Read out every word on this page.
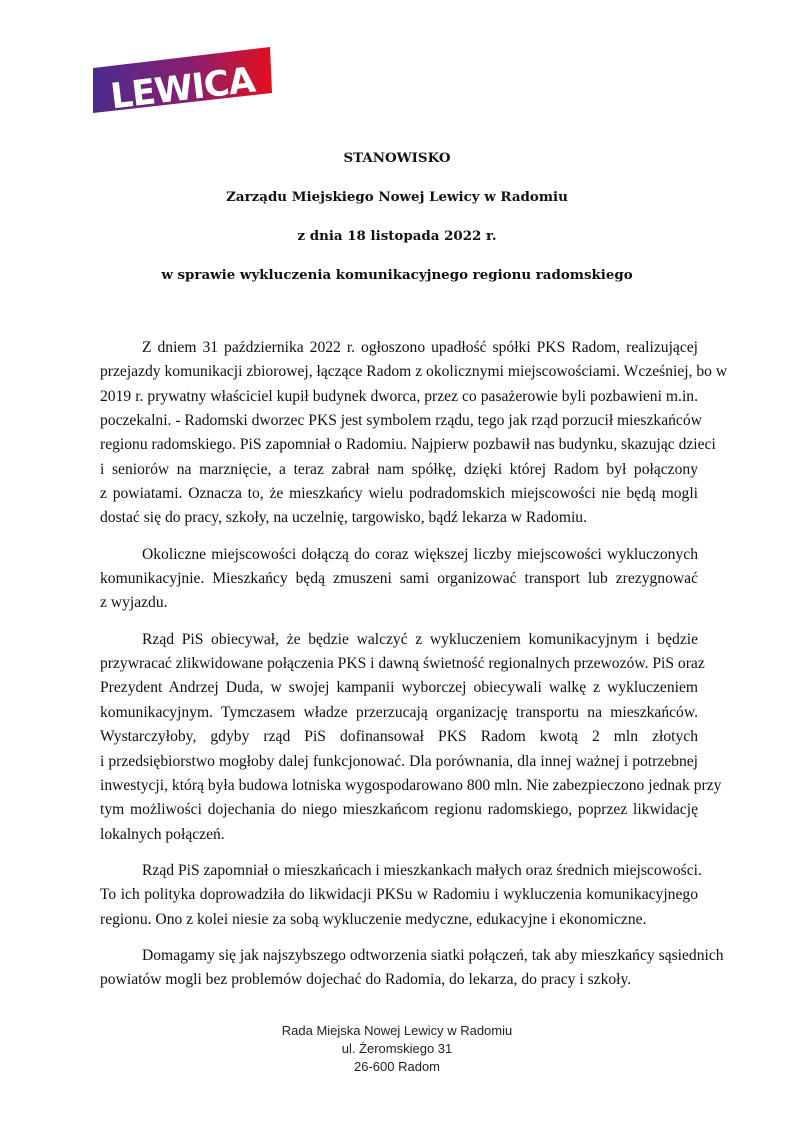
LEWICA
STANOWISKO
Zarządu Miejskiego Nowej Lewicy w Radomiu
z dnia 18 listopada 2022 r.
w sprawie wykluczenia komunikacyjnego regionu radomskiego
Z dniem 31 października 2022 r. ogłoszono upadłość spółki PKS Radom, realizującej
przejazdy komunikacji zbiorowej, łączące Radom z okolicznymi miejscowościami. Wcześniej, bo w
2019 r. prywatny właściciel kupił budynek dworca, przez co pasażerowie byli pozbawieni m.in.
poczekalni. - Radomski dworzec PKS jest symbolem rządu, tego jak rząd porzucił mieszkańców
regionu radomskiego. PiS zapomniał o Radomiu. Najpierw pozbawił nas budynku, skazując dzieci
i seniorów na marznięcie, a teraz zabrał nam spółkę, dzięki której Radom był połączony
z powiatami. Oznacza to, że mieszkańcy wielu podradomskich miejscowości nie będą mogli
dostać się do pracy, szkoły, na uczelnię, targowisko, bądź lekarza w Radomiu.
Okoliczne miejscowości dołączą do coraz większej liczby miejscowości wykluczonych
komunikacyjnie. Mieszkańcy będą zmuszeni sami organizować transport lub zrezygnować
z wyjazdu.
Rząd PiS obiecywał, że będzie walczyć z wykluczeniem komunikacyjnym i będzie
przywracać zlikwidowane połączenia PKS i dawną świetność regionalnych przewozów. PiS oraz
Prezydent Andrzej Duda, w swojej kampanii wyborczej obiecywali walkę z wykluczeniem
komunikacyjnym. Tymczasem władze przerzucają organizację transportu na mieszkańców.
Wystarczyłoby, gdyby rząd PiS dofinansował PKS Radom kwotą 2 mln złotych
i przedsiębiorstwo mogłoby dalej funkcjonować. Dla porównania, dla innej ważnej i potrzebnej
inwestycji, którą była budowa lotniska wygospodarowano 800 mln. Nie zabezpieczono jednak przy
tym możliwości dojechania do niego mieszkańcom regionu radomskiego, poprzez likwidację
lokalnych połączeń.
Rząd PiS zapomniał o mieszkańcach i mieszkankach małych oraz średnich miejscowości.
To ich polityka doprowadziła do likwidacji PKSu w Radomiu i wykluczenia komunikacyjnego
regionu. Ono z kolei niesie za sobą wykluczenie medyczne, edukacyjne i ekonomiczne.
Domagamy się jak najszybszego odtworzenia siatki połączeń, tak aby mieszkańcy sąsiednich
powiatów mogli bez problemów dojechać do Radomia, do lekarza, do pracy i szkoły.
Rada Miejska Nowej Lewicy w Radomiu
ul. Żeromskiego 31
26-600 Radom
